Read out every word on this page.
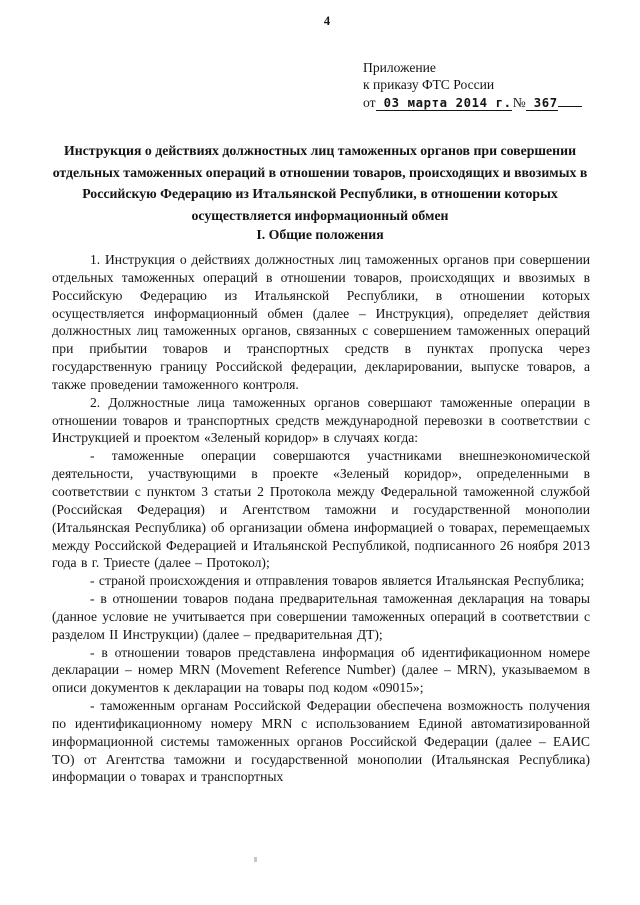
4
Приложение
к приказу ФТС России
от  03 марта 2014 г. №  367
Инструкция о действиях должностных лиц таможенных органов при совершении отдельных таможенных операций в отношении товаров, происходящих и ввозимых в Российскую Федерацию из Итальянской Республики, в отношении которых осуществляется информационный обмен
I. Общие положения

1. Инструкция о действиях должностных лиц таможенных органов при совершении отдельных таможенных операций в отношении товаров, происходящих и ввозимых в Российскую Федерацию из Итальянской Республики, в отношении которых осуществляется информационный обмен (далее – Инструкция), определяет действия должностных лиц таможенных органов, связанных с совершением таможенных операций при прибытии товаров и транспортных средств в пунктах пропуска через государственную границу Российской федерации, декларировании, выпуске товаров, а также проведении таможенного контроля.

2. Должностные лица таможенных органов совершают таможенные операции в отношении товаров и транспортных средств международной перевозки в соответствии с Инструкцией и проектом «Зеленый коридор» в случаях когда:

- таможенные операции совершаются участниками внешнеэкономической деятельности, участвующими в проекте «Зеленый коридор», определенными в соответствии с пунктом 3 статьи 2 Протокола между Федеральной таможенной службой (Российская Федерация) и Агентством таможни и государственной монополии (Итальянская Республика) об организации обмена информацией о товарах, перемещаемых между Российской Федерацией и Итальянской Республикой, подписанного 26 ноября 2013 года в г. Триесте (далее – Протокол);

- страной происхождения и отправления товаров является Итальянская Республика;

- в отношении товаров подана предварительная таможенная декларация на товары (данное условие не учитывается при совершении таможенных операций в соответствии с разделом II Инструкции) (далее – предварительная ДТ);

- в отношении товаров представлена информация об идентификационном номере декларации – номер MRN (Movement Reference Number) (далее – MRN), указываемом в описи документов к декларации на товары под кодом «09015»;

- таможенным органам Российской Федерации обеспечена возможность получения по идентификационному номеру MRN с использованием Единой автоматизированной информационной системы таможенных органов Российской Федерации (далее – ЕАИС ТО) от Агентства таможни и государственной монополии (Итальянская Республика) информации о товарах и транспортных
